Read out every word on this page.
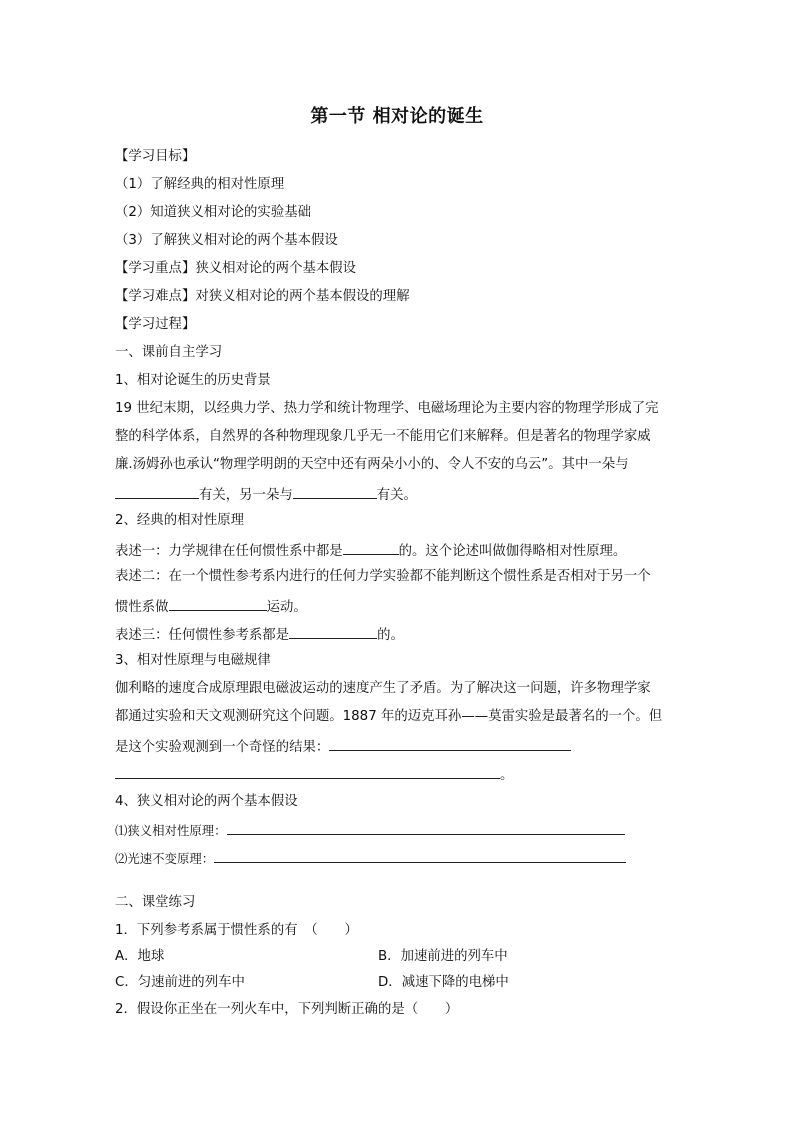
第一节 相对论的诞生
【学习目标】
（1）了解经典的相对性原理
（2）知道狭义相对论的实验基础
（3）了解狭义相对论的两个基本假设
【学习重点】狭义相对论的两个基本假设
【学习难点】对狭义相对论的两个基本假设的理解
【学习过程】
一、课前自主学习
1、相对论诞生的历史背景
19 世纪末期，以经典力学、热力学和统计物理学、电磁场理论为主要内容的物理学形成了完
整的科学体系，自然界的各种物理现象几乎无一不能用它们来解释。但是著名的物理学家威
廉.汤姆孙也承认“物理学明朗的天空中还有两朵小小的、令人不安的乌云”。其中一朵与
有关，另一朵与	有关。
2、经典的相对性原理
表述一：力学规律在任何惯性系中都是	的。这个论述叫做伽得略相对性原理。
表述二：在一个惯性参考系内进行的任何力学实验都不能判断这个惯性系是否相对于另一个
惯性系做	运动。
表述三：任何惯性参考系都是	的。
3、相对性原理与电磁规律
伽利略的速度合成原理跟电磁波运动的速度产生了矛盾。为了解决这一问题，许多物理学家
都通过实验和天文观测研究这个问题。1887 年的迈克耳孙——莫雷实验是最著名的一个。但
是这个实验观测到一个奇怪的结果：
。
4、狭义相对论的两个基本假设
⑴狭义相对性原理：
⑵光速不变原理：
二、课堂练习
1．下列参考系属于惯性系的有　（　　）
A．地球	B．加速前进的列车中
C．匀速前进的列车中	D．减速下降的电梯中
2．假设你正坐在一列火车中，下列判断正确的是（　　）
